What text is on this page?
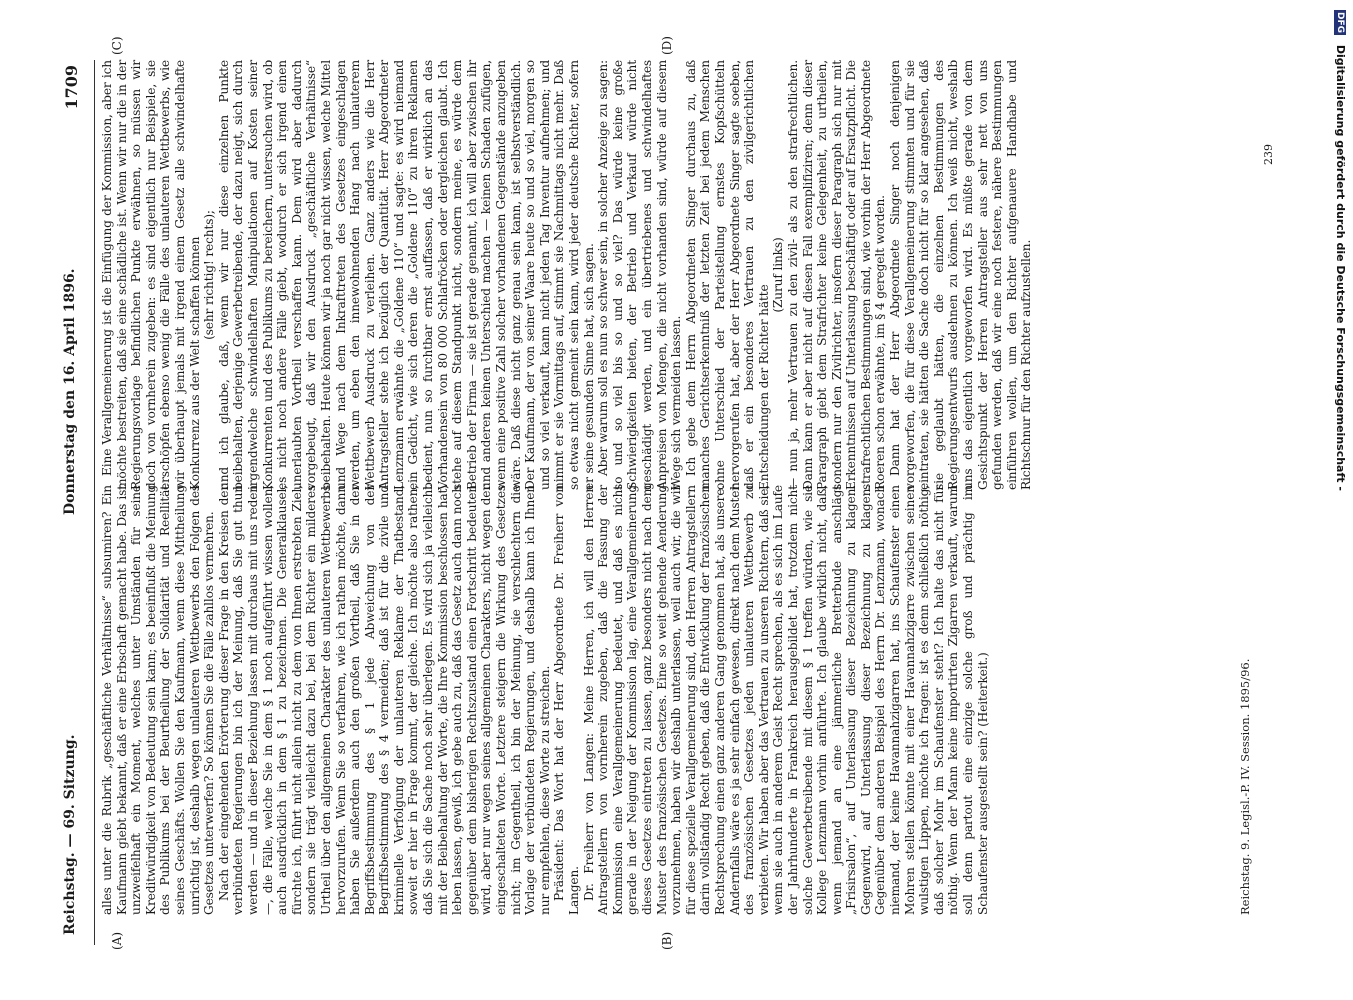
Reichstag. — 69. Sitzung.
Donnerstag den 16. April 1896.
1709
(A)	(B)
(C)	(D)

alles unter die Rubrik „geschäftliche Verhältnisse“ subsumiren? Ein Kaufmann giebt bekannt, daß er eine Erbschaft gemacht habe. Das ist unzweifelhaft ein Moment, welches unter Umständen für seine Kreditwürdigkeit von Bedeutung sein kann; es beeinflußt die Meinung des Publikums bei der Beurtheilung der Solidarität und Reellität seines Geschäfts. Wollen Sie den Kaufmann, wenn diese Mittheilung unrichtig ist, deshalb wegen unlauteren Wettbewerbs den Folgen des Gesetzes unterwerfen? So können Sie die Fälle zahllos vermehren. Nach der eingehenden Erörterung dieser Frage in den Kreisen der verbündeten Regierungen bin ich der Meinung, daß Sie gut thun werden — und in dieser Beziehung lassen mit durchaus mit uns reden —, die Fälle, welche Sie in dem § 1 noch aufgeführt wissen wollen, auch ausdrücklich in dem § 1 zu bezeichnen. Die Generalklausel, fürchte ich, führt nicht allein nicht zu dem von Ihnen erstrebten Ziel, sondern sie trägt vielleicht dazu bei, bei dem Richter ein milderes Urtheil über den allgemeinen Charakter des unlauteren Wettbewerbs hervorzurufen. Wenn Sie so verfahren, wie ich rathen möchte, dann haben Sie außerdem auch den großen Vortheil, daß Sie in der Begriffsbestimmung des § 1 jede Abweichung von der Begriffsbestimmung des § 4 vermeiden; daß ist für die zivile und kriminelle Verfolgung der unlauteren Reklame der Thatbestand, soweit er hier in Frage kommt, der gleiche. Ich möchte also rathen, daß Sie sich die Sache noch sehr überlegen. Es wird sich ja vielleicht mit der Beibehaltung der Worte, die Ihre Kommission beschlossen hat, leben lassen, gewiß, ich gebe auch zu, daß das Gesetz auch dann noch gegenüber dem bisherigen Rechtszustand einen Fortschritt bedeuten wird, aber nur wegen seines allgemeinen Charakters, nicht wegen der eingeschalteten Worte. Letztere steigern die Wirkung des Gesetzes nicht; im Gegentheil, ich bin der Meinung, sie verschlechtern die Vorlage der verbündeten Regierungen, und deshalb kann ich Ihnen nur empfehlen, diese Worte zu streichen. Präsident: Das Wort hat der Herr Abgeordnete Dr. Freiherr von Langen. Dr. Freiherr von Langen: Meine Herren, ich will den Herren Antragstellern von vornherein zugeben, daß die Fassung der Kommission eine Verallgemeinerung bedeutet, und daß es nicht gerade in der Neigung der Kommission lag, eine Verallgemeinerung dieses Gesetzes eintreten zu lassen, ganz besonders nicht nach dem Muster des französischen Gesetzes. Eine so weit gehende Aenderung vorzunehmen, haben wir deshalb unterlassen, weil auch wir, die wir für diese spezielle Verallgemeinerung sind, den Herren Antragstellern darin vollständig Recht geben, daß die Entwicklung der französischen Rechtsprechung einen ganz anderen Gang genommen hat, als unsere. Andernfalls wäre es ja sehr einfach gewesen, direkt nach dem Muster des französischen Gesetzes jeden unlauteren Wettbewerb zu verbieten. Wir haben aber das Vertrauen zu unseren Richtern, daß sie, wenn sie auch in anderem Geist Recht sprechen, als es sich im Laufe der Jahrhunderte in Frankreich herausgebildet hat, trotzdem nicht solche Gewerbetreibende mit diesem § 1 treffen würden, wie sie Kollege Lenzmann vorhin anführte. Ich glaube wirklich nicht, daß, wenn jemand an eine jämmerliche Bretterbude anschlägt „Frisirsalon“, auf Unterlassung dieser Bezeichnung zu klagen. Gegenwird, auf Unterlassung dieser Bezeichnung zu klagen. Gegenüber dem anderen Beispiel des Herrn Dr. Lenzmann, wonach niemand, der keine Havannahzigarren hat, ins Schaufenster einen Mohren stellen könnte mit einer Havannahzigarre zwischen seinen wulstigen Lippen, möchte ich fragen: ist es denn schließlich nöthig, daß solcher Mohr im Schaufenster steht? Ich halte das nicht für nöthig. Wenn der Mann keine importirten Zigarren verkauft, warum soll denn partout eine einzige solche groß und prächtig im Schaufenster ausgestellt sein? (Heiterkeit.)

Eine Verallgemeinerung ist die Einfügung der Kommission, aber ich möchte bestreiten, daß sie eine schädliche ist. Wenn wir nur die in der Regierungsvorlage befindlichen Punkte erwähnen, so müssen wir doch von vornherein zugeben: es sind eigentlich nur Beispiele, sie erschöpfen ebenso wenig die Fälle des unlauteren Wettbewerbs, wie wir überhaupt jemals mit irgend einem Gesetz alle schwindelhafte Konkurrenz aus der Welt schaffen können (sehr richtig! rechts); und ich glaube, daß, wenn wir nur diese einzelnen Punkte beibehalten, derjenige Gewerbetreibende, der dazu neigt, sich durch irgendwelche schwindelhaften Manipulationen auf Kosten seiner Konkurrenten und des Publikums zu bereichern, untersuchen wird, ob es nicht noch andere Fälle giebt, wodurch er sich irgend einen unerlaubten Vortheil verschaffen kann. Dem wird aber dadurch vorgebeugt, daß wir den Ausdruck „geschäftliche Verhältnisse“ beibehalten. Heute können wir ja noch gar nicht wissen, welche Mittel und Wege nach dem Inkrafttreten des Gesetzes eingeschlagen werden, um eben den innewohnenden Hang nach unlauterem Wettbewerb Ausdruck zu verleihen. Ganz anders wie die Herr Antragsteller stehe ich bezüglich der Quantität. Herr Abgeordneter Lenzmann erwähnte die „Goldene 110“ und sagte: es wird niemand ein Gedicht, wie sich deren die „Goldene 110“ zu ihren Reklamen bedient, nun so furchtbar ernst auffassen, daß er wirklich an das Vorhandensein von 80 000 Schlafröcken oder dergleichen glaubt. Ich stehe auf diesem Standpunkt nicht, sondern meine, es würde dem Betrieb der Firma — sie ist gerade genannt, ich will aber zwischen ihr und anderen keinen Unterschied machen — keinen Schaden zufügen, wenn eine positive Zahl solcher vorhandenen Gegenstände anzugeben wäre. Daß diese nicht ganz genau sein kann, ist selbstverständlich. Der Kaufmann, der von seiner Waare heute so und so viel, morgen so und so viel verkauft, kann nicht jeden Tag Inventur aufnehmen; und nimmt er sie Vormittags auf, stimmt sie Nachmittags nicht mehr. Daß so etwas nicht gemeint sein kann, wird jeder deutsche Richter, sofern er seine gesunden Sinne hat, sich sagen. Aber warum soll es nun so schwer sein, in solcher Anzeige zu sagen: so und so viel bis so und so viel? Das würde keine große Schwierigkeiten bieten, der Betrieb und Verkauf würde nicht geschädigt werden, und ein übertriebenes und schwindelhaftes Anpreisen von Mengen, die nicht vorhanden sind, würde auf diesem Wege sich vermeiden lassen. Ich gebe dem Herrn Abgeordneten Singer durchaus zu, daß manches Gerichtserkenntniß der letzten Zeit bei jedem Menschen ohne Unterschied der Parteistellung ernstes Kopfschütteln hervorgerufen hat, aber der Herr Abgeordnete Singer sagte soeben, daß er ein besonderes Vertrauen zu den zivilgerichtlichen Entscheidungen der Richter hätte

(Zuruf links) — nun ja, mehr Vertrauen zu den zivil- als zu den strafrechtlichen. Dann kann er aber nicht auf diesen Fall exemplifiziren; denn dieser Paragraph giebt dem Strafrichter keine Gelegenheit, zu urtheilen, sondern nur den Zivilrichter, insofern dieser Paragraph sich nur mit Erkenntnissen auf Unterlassung beschäftigt oder auf Ersatzpflicht. Die strafrechtlichen Bestimmungen sind, wie vorhin der Herr Abgeordnete Roeren schon erwähnte, im § 4 geregelt worden. Dann hat der Herr Abgeordnete Singer noch denjenigen vorgeworfen, die für diese Verallgemeinerung stimmten und für sie eintraten, sie hätten die Sache doch nicht für so klar angesehen, daß sie geglaubt hätten, die einzelnen Bestimmungen des Regierungsentwurfs ausdehnen zu können. Ich weiß nicht, weshalb uns das eigentlich vorgeworfen wird. Es müßte gerade von dem Gesichtspunkt der Herren Antragsteller aus sehr nett von uns gefunden werden, daß wir eine noch festere, nähere Bestimmungen einführen wollen, um den Richter aufgenauere Handhabe und Richtschnur für den Richter aufzustellen.

Reichstag. 9. Legisl.-P. IV. Session. 1895/96.
239
DFG Digitalisierung gefördert durch die Deutsche Forschungsgemeinschaft -
